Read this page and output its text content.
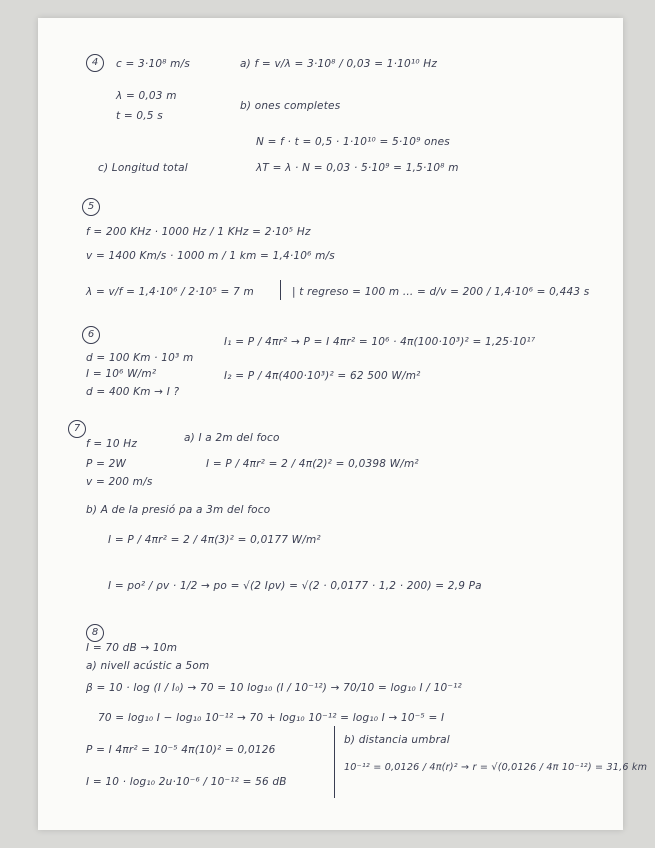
4	c = 3·10⁸ m/s	a) f = v/λ = 3·10⁸ / 0,03 = 1·10¹⁰ Hz
λ = 0,03 m
b) ones completes
t = 0,5 s
N = f · t = 0,5 · 1·10¹⁰ = 5·10⁹ ones
c) Longitud total	λT = λ · N = 0,03 · 5·10⁹ = 1,5·10⁸ m
5
f = 200 KHz · 1000 Hz / 1 KHz = 2·10⁵ Hz
v = 1400 Km/s · 1000 m / 1 km = 1,4·10⁶ m/s
λ = v/f = 1,4·10⁶ / 2·10⁵ = 7 m	| t regreso = 100 m ... = d/v = 200 / 1,4·10⁶ = 0,443 s
6
I₁ = P / 4πr² → P = I 4πr² = 10⁶ · 4π(100·10³)² = 1,25·10¹⁷
d = 100 Km · 10³ m
I = 10⁶ W/m²	I₂ = P / 4π(400·10³)² = 62 500 W/m²
d = 400 Km → I ?
7
a) I a 2m del foco
f = 10 Hz
P = 2W	I = P / 4πr² = 2 / 4π(2)² = 0,0398 W/m²
v = 200 m/s
b) A de la presió pa a 3m del foco
I = P / 4πr² = 2 / 4π(3)² = 0,0177 W/m²
I = po² / ρv · 1/2 → po = √(2 Iρv) = √(2 · 0,0177 · 1,2 · 200) = 2,9 Pa
8
I = 70 dB → 10m
a) nivell acústic a 5om
β = 10 · log (I / I₀) → 70 = 10 log₁₀ (I / 10⁻¹²) → 70/10 = log₁₀ I / 10⁻¹²
70 = log₁₀ I − log₁₀ 10⁻¹² → 70 + log₁₀ 10⁻¹² = log₁₀ I → 10⁻⁵ = I
P = I 4πr² = 10⁻⁵ 4π(10)² = 0,0126
b) distancia umbral
10⁻¹² = 0,0126 / 4π(r)² → r = √(0,0126 / 4π 10⁻¹²) = 31,6 km
I = 10 · log₁₀ 2u·10⁻⁶ / 10⁻¹² = 56 dB
